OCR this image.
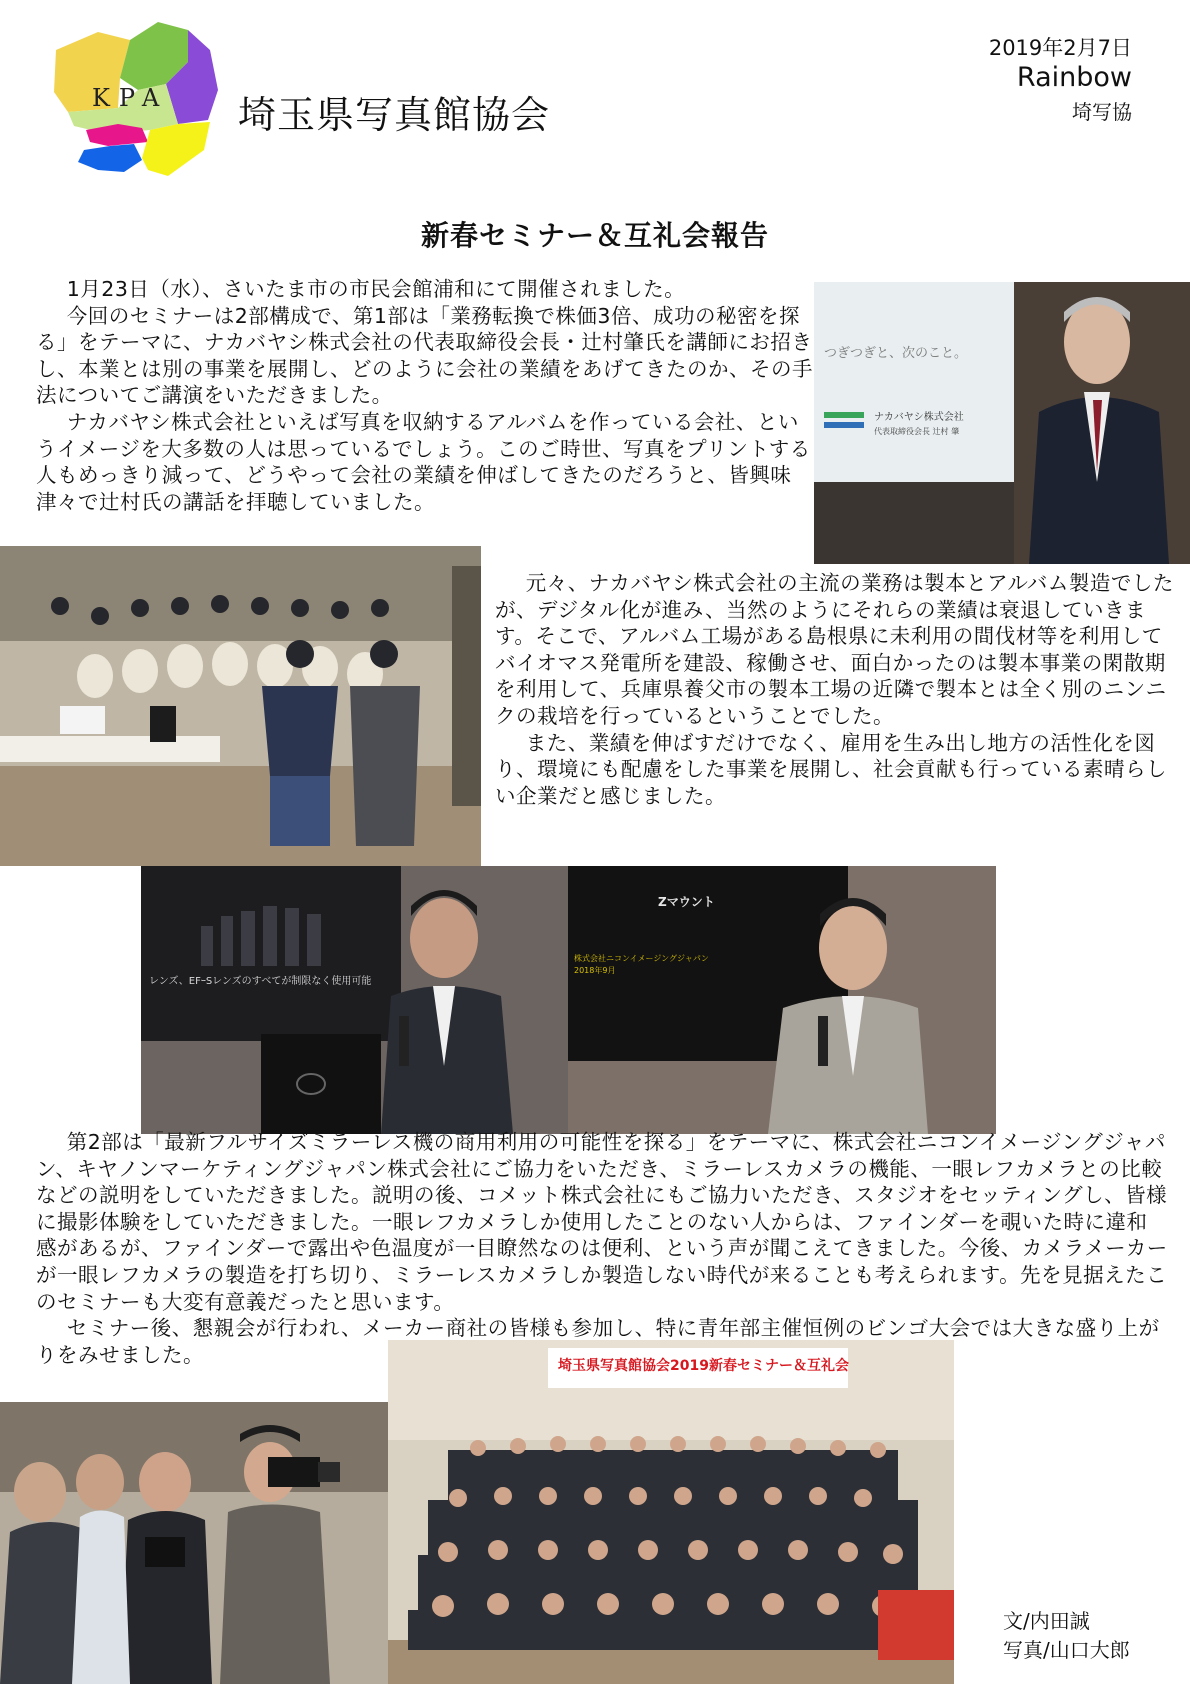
KPA 埼玉県写真館協会
2019年2月7日
Rainbow
埼写協
新春セミナー＆互礼会報告

1月23日（水）、さいたま市の市民会館浦和にて開催されました。

今回のセミナーは2部構成で、第1部は「業務転換で株価3倍、成功の秘密を探る」をテーマに、ナカバヤシ株式会社の代表取締役会長・辻村肇氏を講師にお招きし、本業とは別の事業を展開し、どのように会社の業績をあげてきたのか、その手法についてご講演をいただきました。

ナカバヤシ株式会社といえば写真を収納するアルバムを作っている会社、というイメージを大多数の人は思っているでしょう。このご時世、写真をプリントする人もめっきり減って、どうやって会社の業績を伸ばしてきたのだろうと、皆興味津々で辻村氏の講話を拝聴していました。

つぎつぎと、次のこと。
ナカバヤシ株式会社
代表取締役会長 辻村 肇

元々、ナカバヤシ株式会社の主流の業務は製本とアルバム製造でしたが、デジタル化が進み、当然のようにそれらの業績は衰退していきます。そこで、アルバム工場がある島根県に未利用の間伐材等を利用してバイオマス発電所を建設、稼働させ、面白かったのは製本事業の閑散期を利用して、兵庫県養父市の製本工場の近隣で製本とは全く別のニンニクの栽培を行っているということでした。

また、業績を伸ばすだけでなく、雇用を生み出し地方の活性化を図り、環境にも配慮をした事業を展開し、社会貢献も行っている素晴らしい企業だと感じました。

レンズ、EFｰSレンズのすべてが制限なく使用可能
Zマウント
株式会社ニコンイメージングジャパン
2018年9月

第2部は「最新フルサイズミラーレス機の商用利用の可能性を探る」をテーマに、株式会社ニコンイメージングジャパン、キヤノンマーケティングジャパン株式会社にご協力をいただき、ミラーレスカメラの機能、一眼レフカメラとの比較などの説明をしていただきました。説明の後、コメット株式会社にもご協力いただき、スタジオをセッティングし、皆様に撮影体験をしていただきました。一眼レフカメラしか使用したことのない人からは、ファインダーを覗いた時に違和感があるが、ファインダーで露出や色温度が一目瞭然なのは便利、という声が聞こえてきました。今後、カメラメーカーが一眼レフカメラの製造を打ち切り、ミラーレスカメラしか製造しない時代が来ることも考えられます。先を見据えたこのセミナーも大変有意義だったと思います。

セミナー後、懇親会が行われ、メーカー商社の皆様も参加し、特に青年部主催恒例のビンゴ大会では大きな盛り上がりをみせました。	埼玉県写真館協会2019新春セミナー＆互礼会
文/内田誠
写真/山口大郎
